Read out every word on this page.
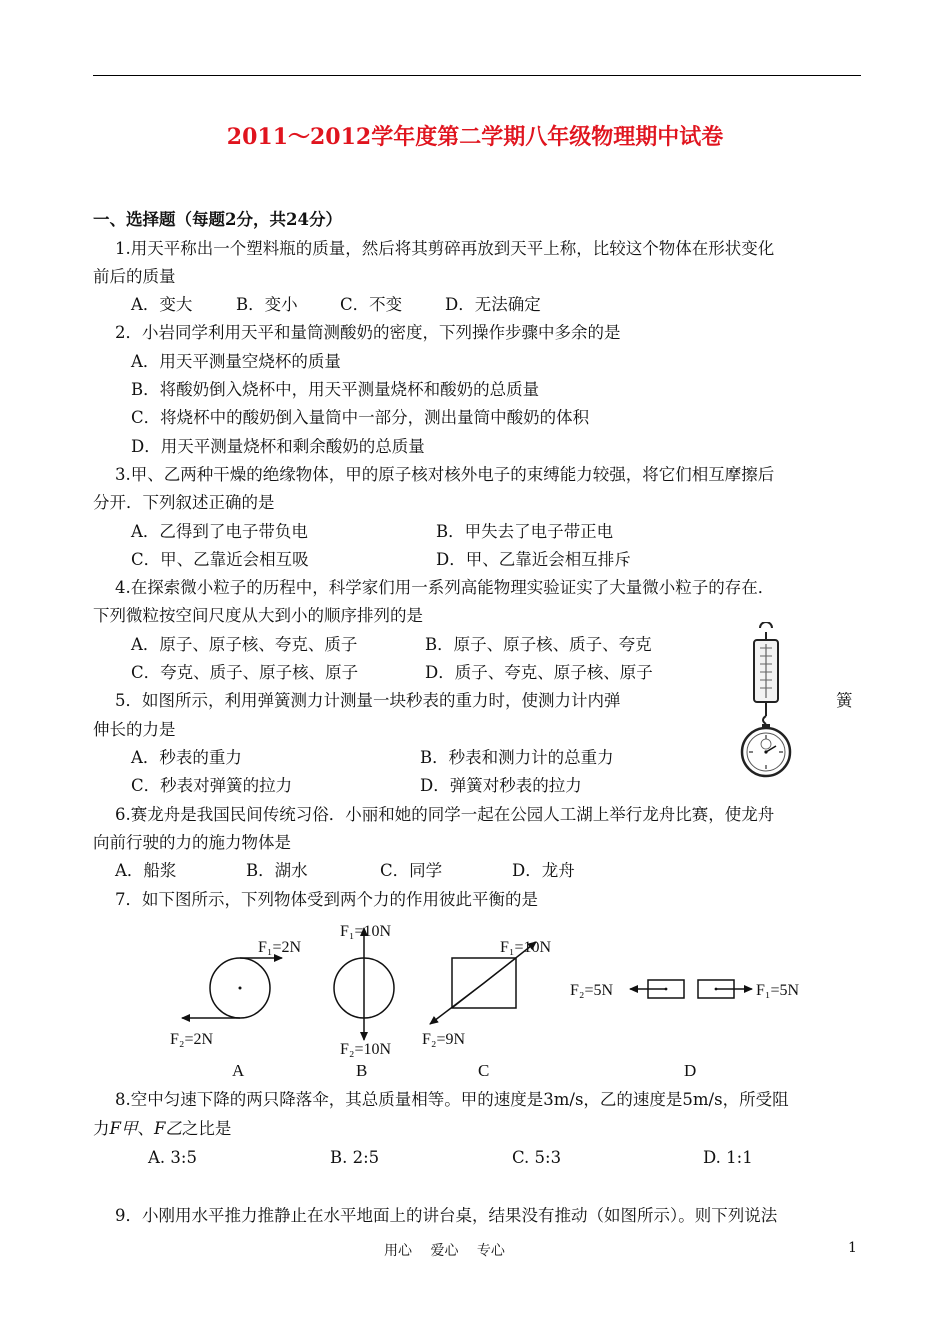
2011～2012学年度第二学期八年级物理期中试卷
一、选择题（每题2分，共24分）
1.用天平称出一个塑料瓶的质量，然后将其剪碎再放到天平上称，比较这个物体在形状变化
前后的质量
A．变大	B．变小	C．不变	D．无法确定
2．小岩同学利用天平和量筒测酸奶的密度，下列操作步骤中多余的是
A．用天平测量空烧杯的质量
B．将酸奶倒入烧杯中，用天平测量烧杯和酸奶的总质量
C．将烧杯中的酸奶倒入量筒中一部分，测出量筒中酸奶的体积
D．用天平测量烧杯和剩余酸奶的总质量
3.甲、乙两种干燥的绝缘物体，甲的原子核对核外电子的束缚能力较强，将它们相互摩擦后
分开．下列叙述正确的是
A．乙得到了电子带负电	B．甲失去了电子带正电
C．甲、乙靠近会相互吸	D．甲、乙靠近会相互排斥
4.在探索微小粒子的历程中，科学家们用一系列高能物理实验证实了大量微小粒子的存在．
下列微粒按空间尺度从大到小的顺序排列的是
A．原子、原子核、夸克、质子	B．原子、原子核、质子、夸克
C．夸克、质子、原子核、原子	D．质子、夸克、原子核、原子
5．如图所示，利用弹簧测力计测量一块秒表的重力时，使测力计内弹	簧
伸长的力是
A．秒表的重力	B．秒表和测力计的总重力
C．秒表对弹簧的拉力	D．弹簧对秒表的拉力
6.赛龙舟是我国民间传统习俗．小丽和她的同学一起在公园人工湖上举行龙舟比赛，使龙舟
向前行驶的力的施力物体是
A．船浆	B．湖水	C．同学	D．龙舟
7．如下图所示，下列物体受到两个力的作用彼此平衡的是
F₁=2N
F₂=2N
A
F₁=10N
F₂=10N
B
F₁=10N
F₂=9N
C
F₂=5N	F₁=5N
D
8.空中匀速下降的两只降落伞，其总质量相等。甲的速度是3m/s，乙的速度是5m/s，所受阻
力F甲、F乙之比是
A. 3:5	B. 2:5	C. 5:3	D. 1:1
9．小刚用水平推力推静止在水平地面上的讲台桌，结果没有推动（如图所示）。则下列说法
用心　 爱心　 专心	1
